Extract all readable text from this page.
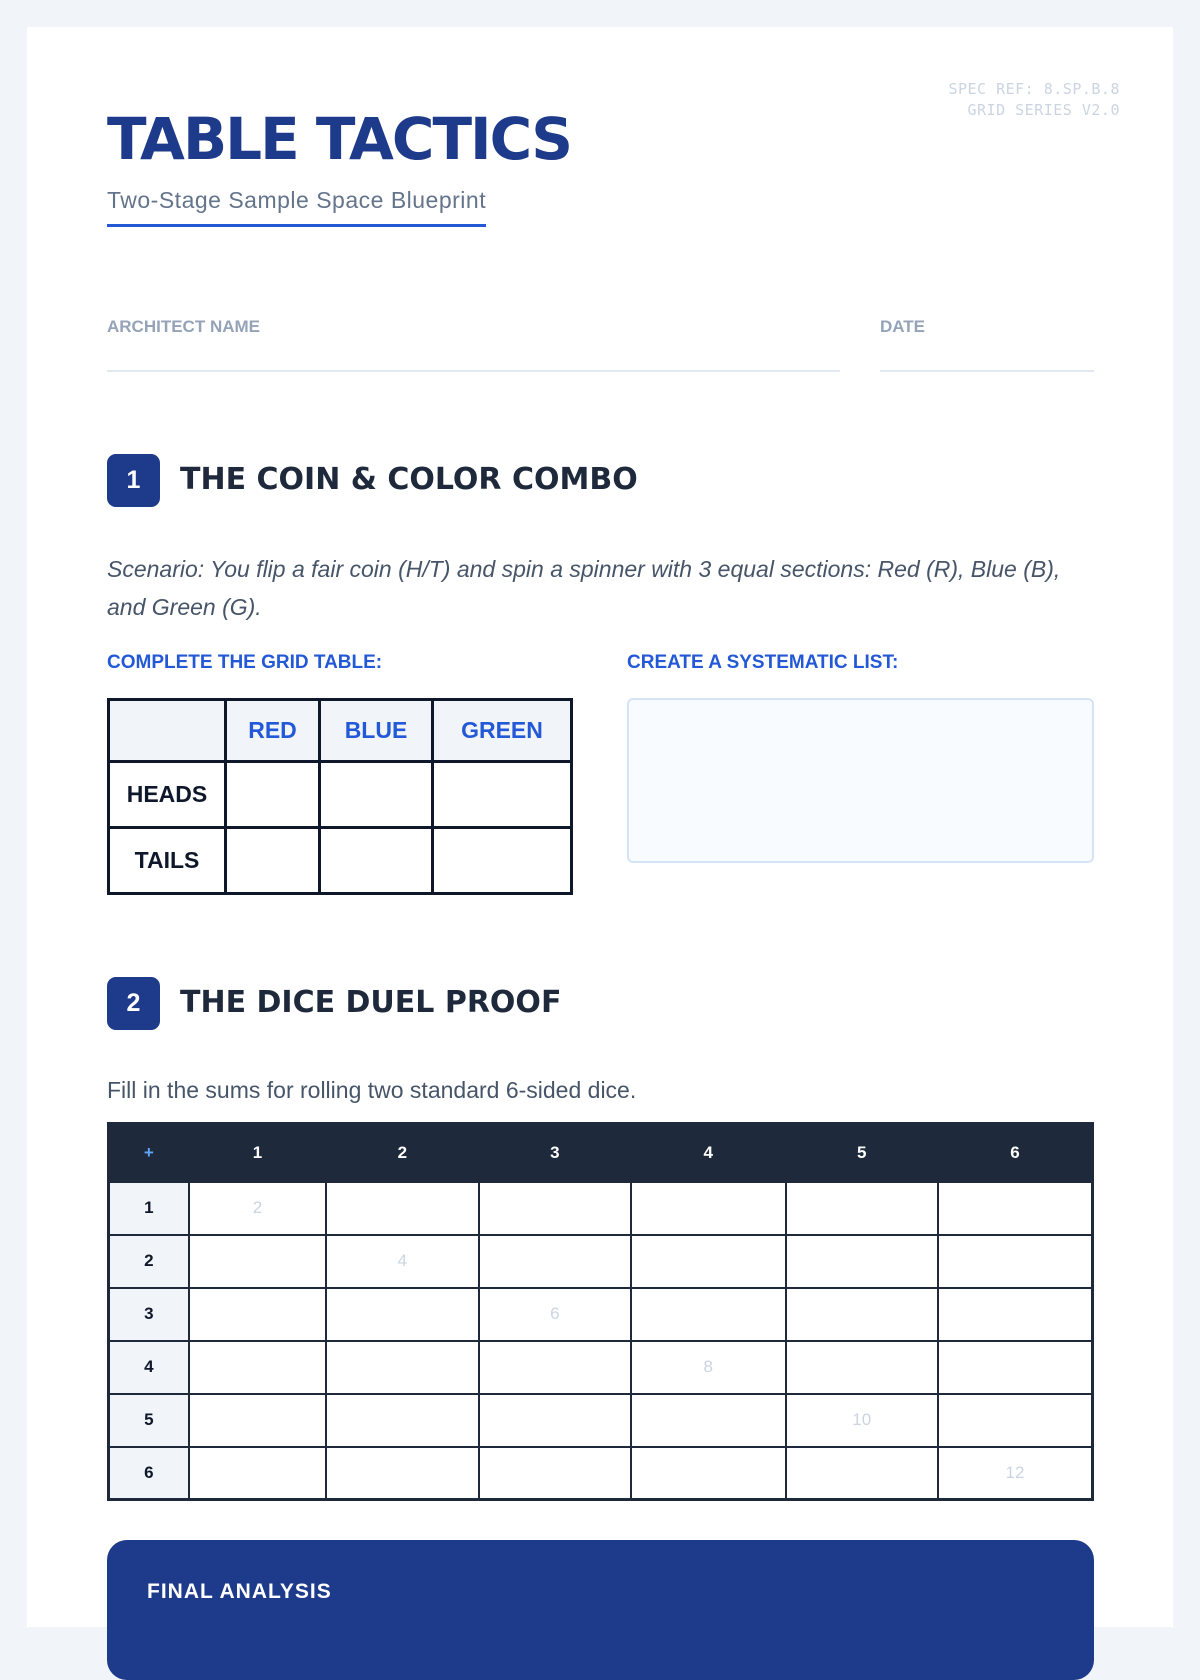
SPEC REF: 8.SP.B.8
GRID SERIES V2.0
TABLE TACTICS
Two-Stage Sample Space Blueprint
ARCHITECT NAME	DATE
1	THE COIN & COLOR COMBO
Scenario: You flip a fair coin (H/T) and spin a spinner with 3 equal sections: Red (R), Blue (B), and Green (G).
COMPLETE THE GRID TABLE:	CREATE A SYSTEMATIC LIST:
	RED	BLUE	GREEN
HEADS			
TAILS			
2	THE DICE DUEL PROOF
Fill in the sums for rolling two standard 6-sided dice.
+	1	2	3	4	5	6
1	2					
2		4				
3			6			
4				8		
5					10	
6						12
FINAL ANALYSIS
